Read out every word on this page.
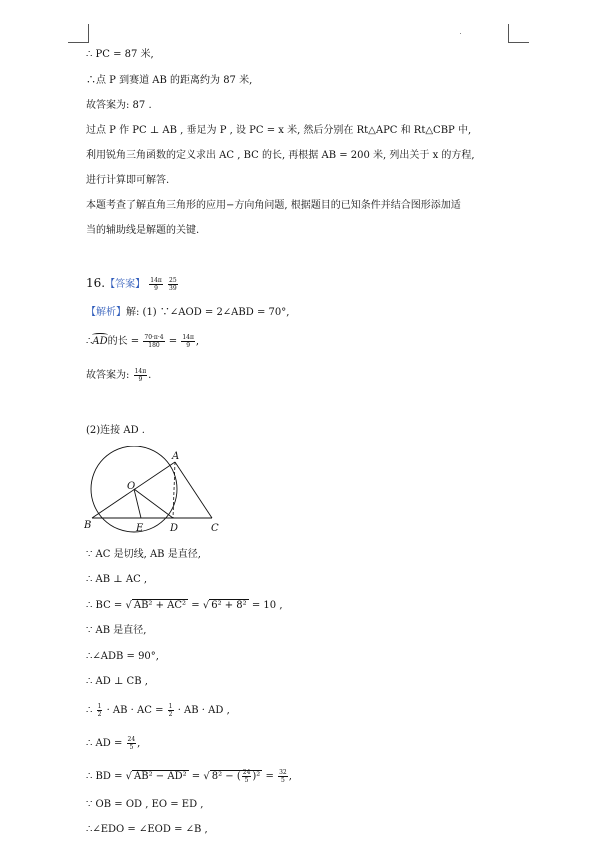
∴ PC = 87 米,
∴点 P 到赛道 AB 的距离约为 87 米,
故答案为: 87 .
过点 P 作 PC ⊥ AB , 垂足为 P , 设 PC = x 米, 然后分别在 Rt△APC 和 Rt△CBP 中,
利用锐角三角函数的定义求出 AC , BC 的长, 再根据 AB = 200 米, 列出关于 x 的方程,
进行计算即可解答.
本题考查了解直角三角形的应用−方向角问题, 根据题目的已知条件并结合图形添加适
当的辅助线是解题的关键.
16.【答案】 $\frac{14\pi}{9}$
$\frac{25}{39}$
【解析】解: (1) ∵∠AOD = 2∠ABD = 70°,
∴AD的长 = $\frac{70\cdot\pi\cdot 4}{180} = \frac{14\pi}{9}$ ,
故答案为: $\frac{14\pi}{9}$ .
(2)连接 AD .
A
O
B	E	D	C
∵ AC 是切线, AB 是直径,
∴ AB ⊥ AC ,
∴ BC = √ AB² + AC² = √ 6² + 8² = 10 ,
∵ AB 是直径,
∴∠ADB = 90°,
∴ AD ⊥ CB ,
∴ $\frac{1}{2}$ · AB · AC = $\frac{1}{2}$ · AB · AD ,
∴ AD = $\frac{24}{5}$ ,
∴ BD = √ AB² − AD² = √ 8² − ( $\frac{24}{5} )^2 = \frac{32}{5}$ ,
∵ OB = OD , EO = ED ,
∴∠EDO = ∠EOD = ∠B ,
